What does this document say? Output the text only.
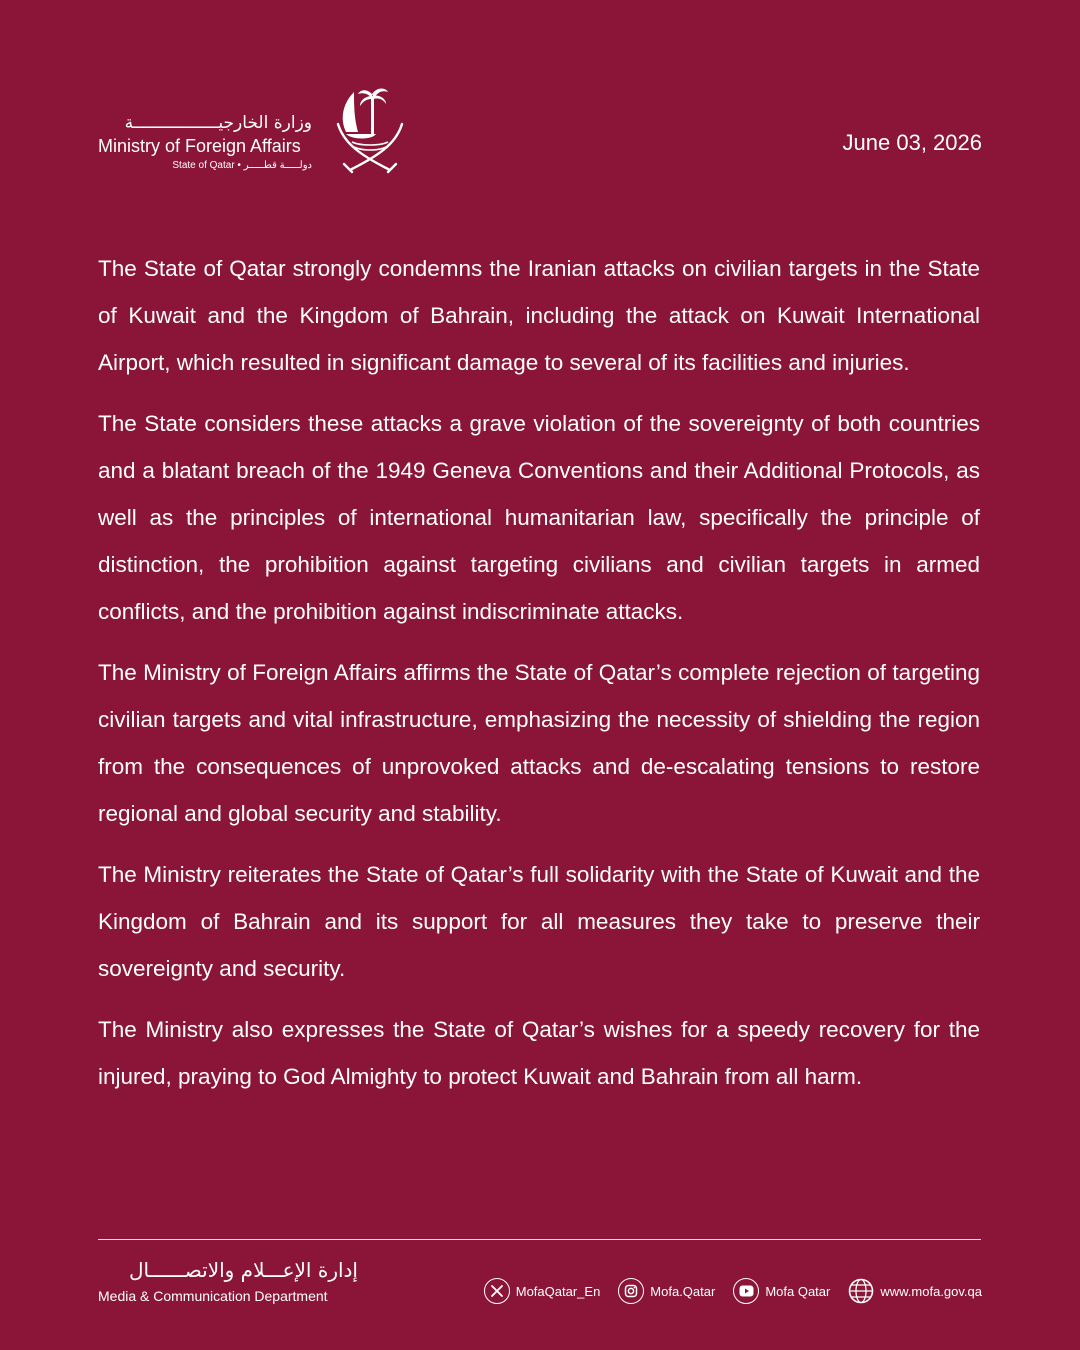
وزارة الخارجيـــــــــــــــــة
Ministry of Foreign Affairs
State of Qatar • دولـــــة قطـــــر
June 03, 2026

The State of Qatar strongly condemns the Iranian attacks on civilian targets in the State of Kuwait and the Kingdom of Bahrain, including the attack on Kuwait International Airport, which resulted in significant damage to several of its facilities and injuries.

The State considers these attacks a grave violation of the sovereignty of both countries and a blatant breach of the 1949 Geneva Conventions and their Additional Protocols, as well as the principles of international humanitarian law, specifically the principle of distinction, the prohibition against targeting civilians and civilian targets in armed conflicts, and the prohibition against indiscriminate attacks.

The Ministry of Foreign Affairs affirms the State of Qatar’s complete rejection of targeting civilian targets and vital infrastructure, emphasizing the necessity of shielding the region from the consequences of unprovoked attacks and de-escalating tensions to restore regional and global security and stability.

The Ministry reiterates the State of Qatar’s full solidarity with the State of Kuwait and the Kingdom of Bahrain and its support for all measures they take to preserve their sovereignty and security.

The Ministry also expresses the State of Qatar’s wishes for a speedy recovery for the injured, praying to God Almighty to protect Kuwait and Bahrain from all harm.

إدارة الإعـــلام والاتصــــــال
Media & Communication Department	MofaQatar_En	Mofa.Qatar	Mofa Qatar	www.mofa.gov.qa
